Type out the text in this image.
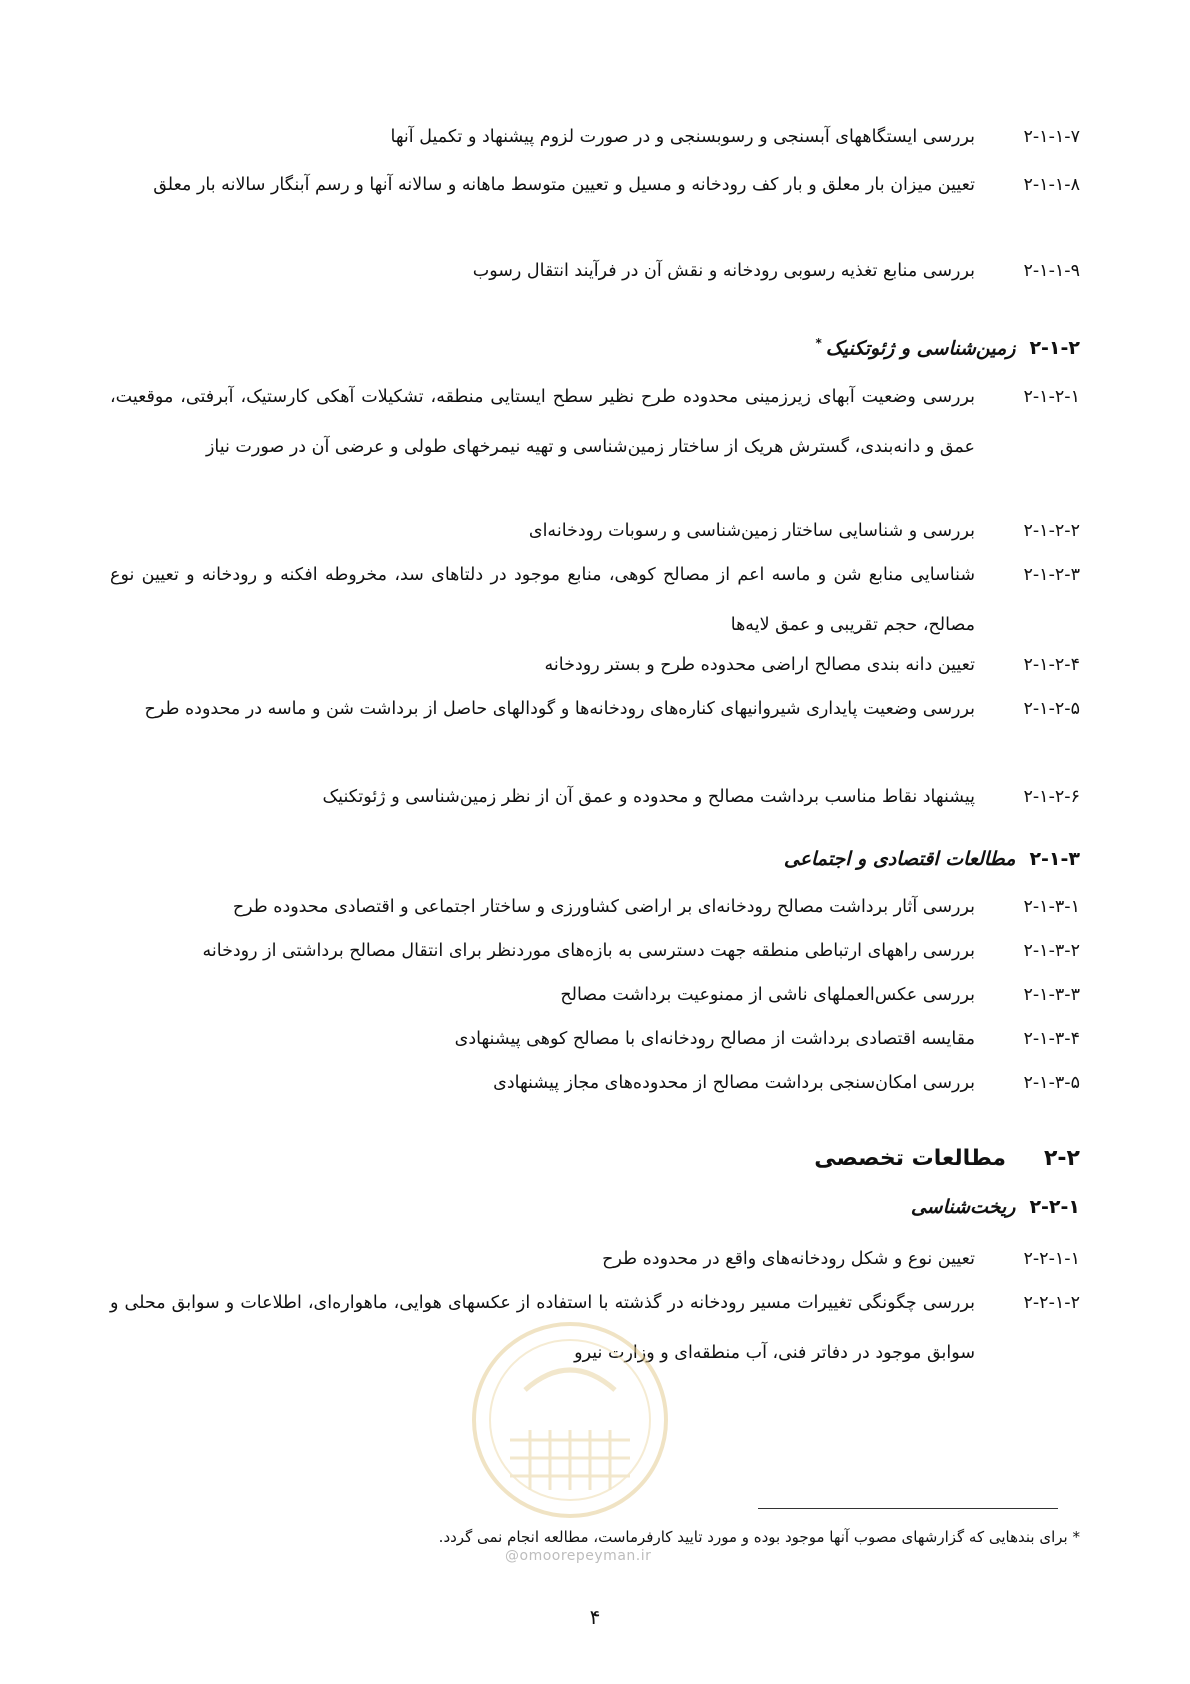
۲-۱-۱-۷
بررسی ایستگاههای آبسنجی و رسوبسنجی و در صورت لزوم پیشنهاد و تکمیل آنها
۲-۱-۱-۸
تعیین میزان بار معلق و بار کف رودخانه و مسیل و تعیین متوسط ماهانه و سالانه آنها و رسم آبنگار سالانه بار معلق
۲-۱-۱-۹
بررسی منابع تغذیه رسوبی رودخانه و نقش آن در فرآیند انتقال رسوب
۲-۱-۲زمین‌شناسی و ژئوتکنیک*
۲-۱-۲-۱
بررسی وضعیت آبهای زیرزمینی محدوده طرح نظیر سطح ایستایی منطقه، تشکیلات آهکی کارستیک، آبرفتی، موقعیت، عمق و دانه‌بندی، گسترش هریک از ساختار زمین‌شناسی و تهیه نیمرخهای طولی و عرضی آن در صورت نیاز
۲-۱-۲-۲
بررسی و شناسایی ساختار زمین‌شناسی و رسوبات رودخانه‌ای
۲-۱-۲-۳
شناسایی منابع شن و ماسه اعم از مصالح کوهی، منابع موجود در دلتاهای سد، مخروطه افکنه و رودخانه و تعیین نوع مصالح، حجم تقریبی و عمق لایه‌ها
۲-۱-۲-۴
تعیین دانه بندی مصالح اراضی محدوده طرح و بستر رودخانه
۲-۱-۲-۵
بررسی وضعیت پایداری شیروانیهای کناره‌های رودخانه‌ها و گودالهای حاصل از برداشت شن و ماسه در محدوده طرح
۲-۱-۲-۶
پیشنهاد نقاط مناسب برداشت مصالح و محدوده و عمق آن از نظر زمین‌شناسی و ژئوتکنیک
۲-۱-۳مطالعات اقتصادی و اجتماعی
۲-۱-۳-۱
بررسی آثار برداشت مصالح رودخانه‌ای بر اراضی کشاورزی و ساختار اجتماعی و اقتصادی محدوده طرح
۲-۱-۳-۲
بررسی راههای ارتباطی منطقه جهت دسترسی به بازه‌های موردنظر برای انتقال مصالح برداشتی از رودخانه
۲-۱-۳-۳
بررسی عکس‌العملهای ناشی از ممنوعیت برداشت مصالح
۲-۱-۳-۴
مقایسه اقتصادی برداشت از مصالح رودخانه‌ای با مصالح کوهی پیشنهادی
۲-۱-۳-۵
بررسی امکان‌سنجی برداشت مصالح از محدوده‌های مجاز پیشنهادی
۲-۲مطالعات تخصصی
۲-۲-۱ریخت‌شناسی
۲-۲-۱-۱
تعیین نوع و شکل رودخانه‌های واقع در محدوده طرح
۲-۲-۱-۲
بررسی چگونگی تغییرات مسیر رودخانه در گذشته با استفاده از عکسهای هوایی، ماهواره‌ای، اطلاعات و سوابق محلی و سوابق موجود در دفاتر فنی، آب منطقه‌ای و وزارت نیرو
@omoorepeyman.ir
* برای بندهایی که گزارشهای مصوب آنها موجود بوده و مورد تایید کارفرماست، مطالعه انجام نمی گردد.
۴
